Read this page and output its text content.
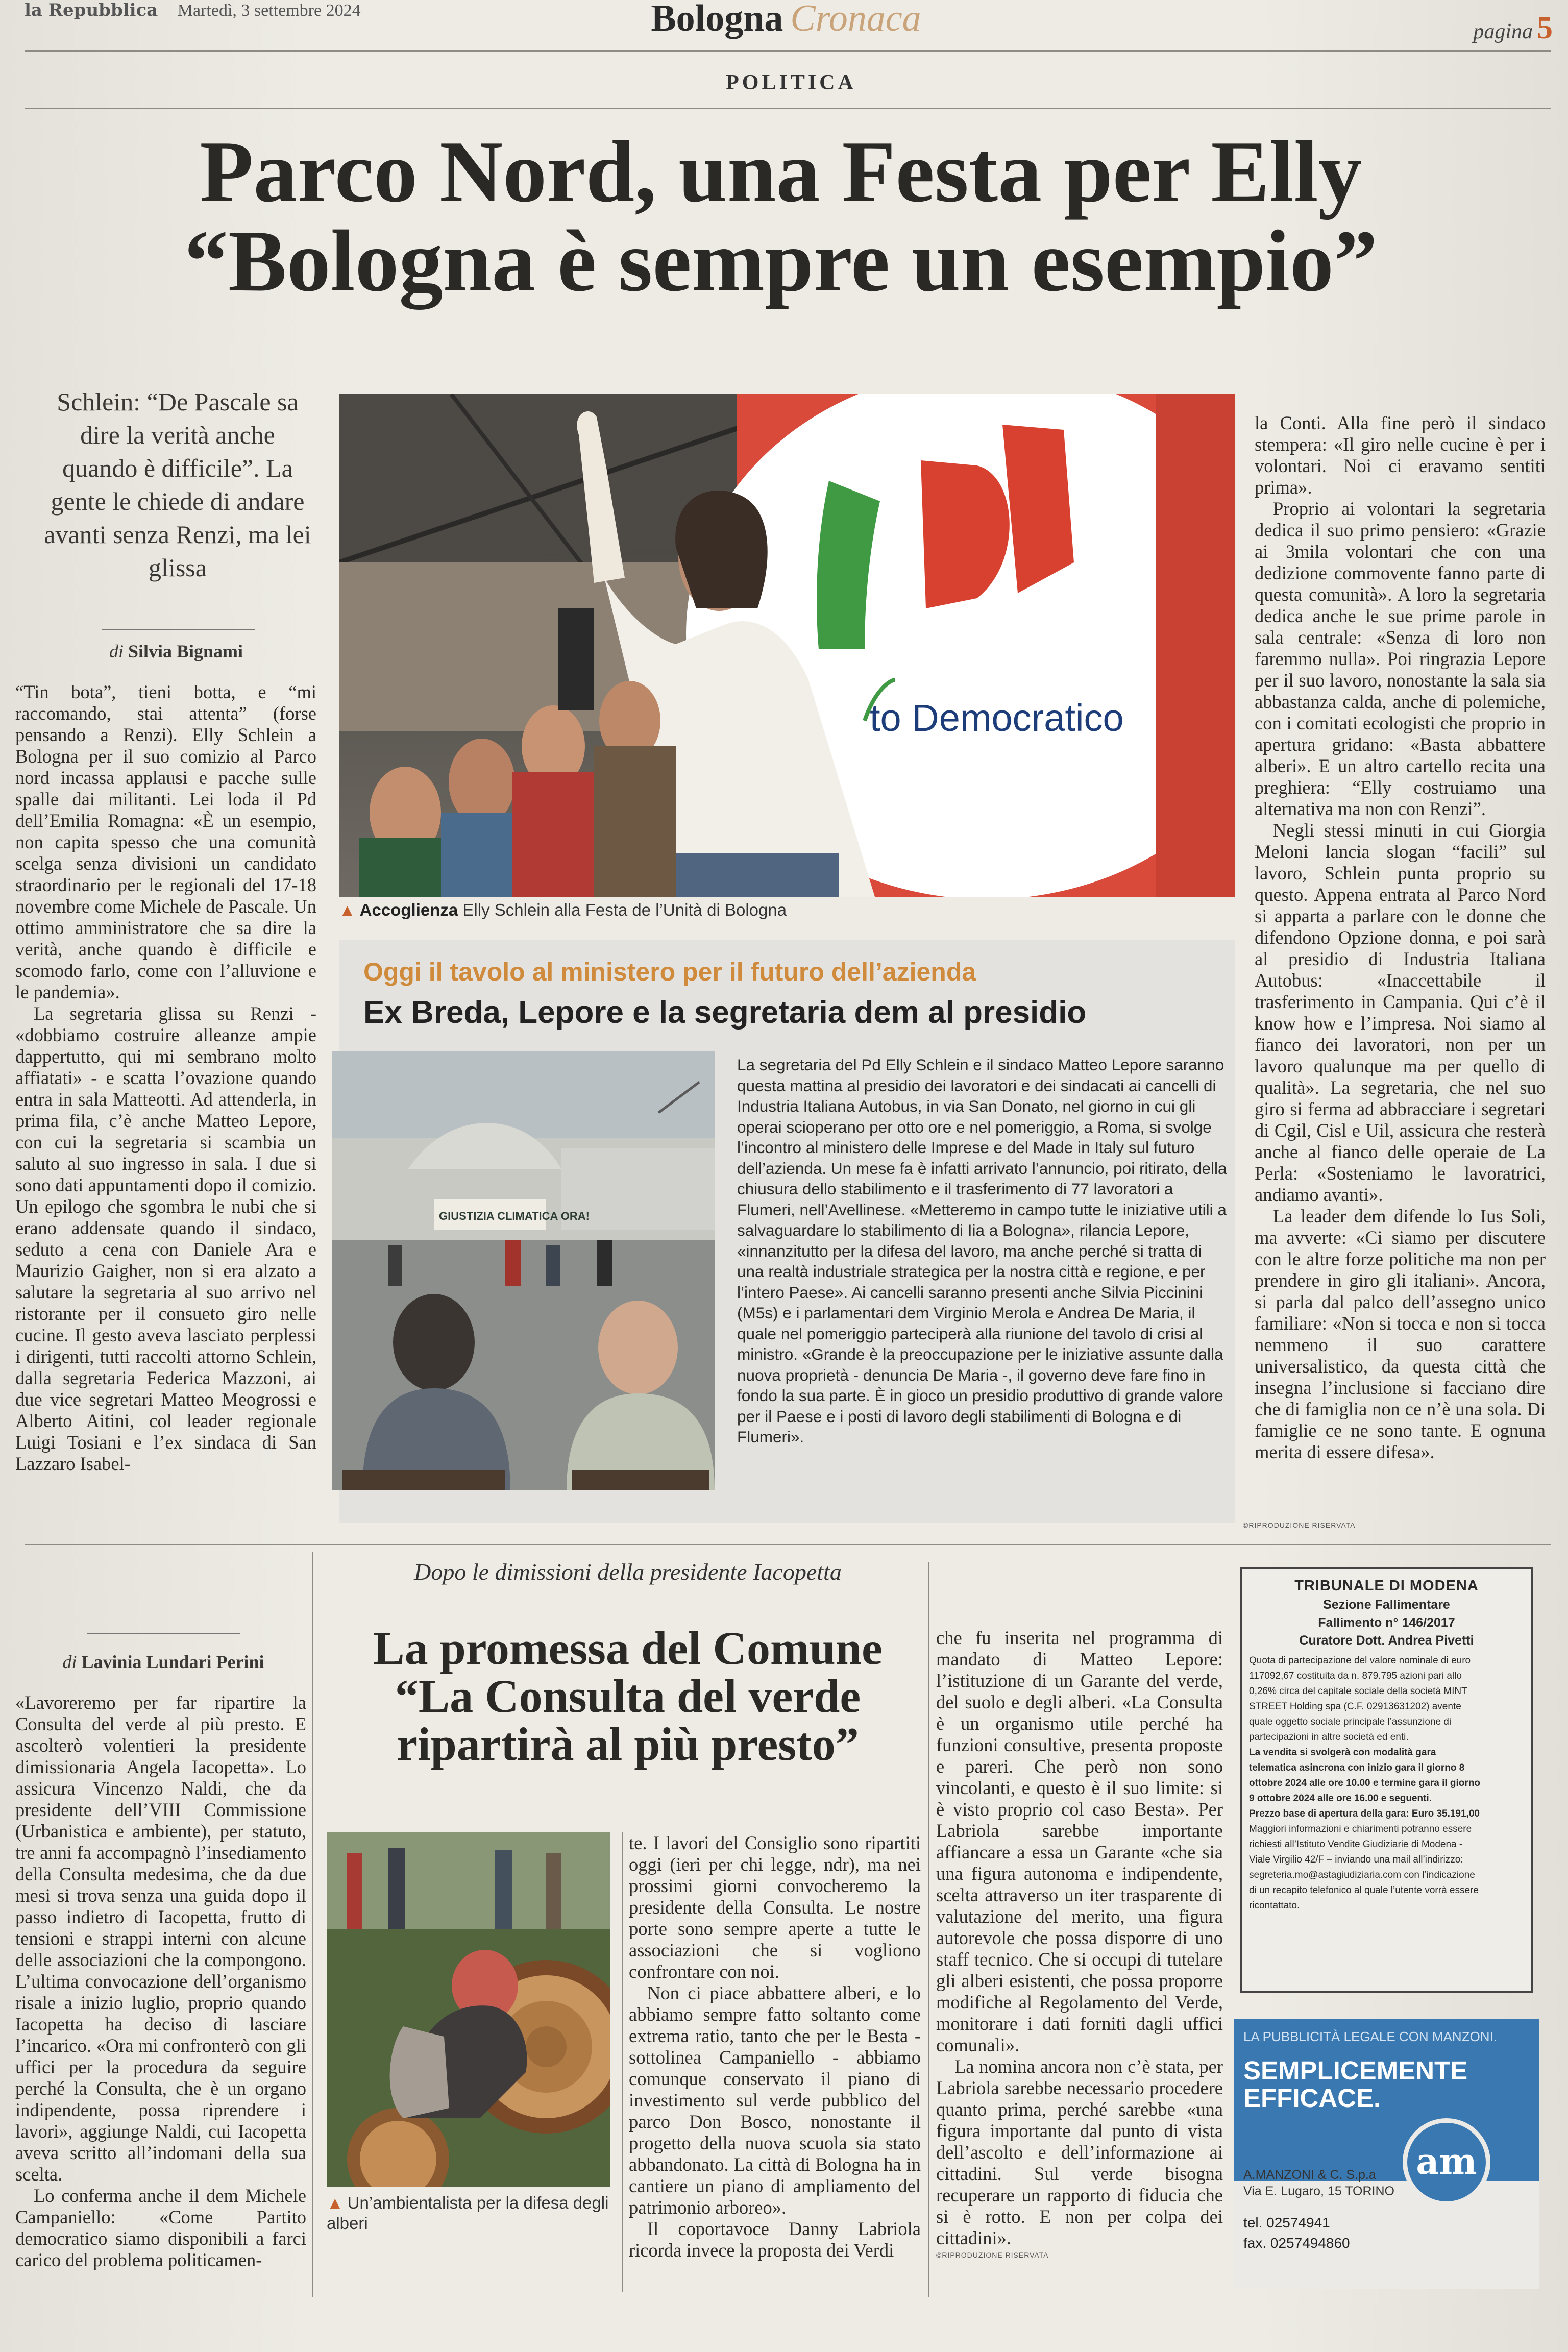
la Repubblica Martedì, 3 settembre 2024	Bologna Cronaca	pagina 5
POLITICA
Parco Nord, una Festa per Elly
“Bologna è sempre un esempio”
Schlein: “De Pascale sa dire la verità anche quando è difficile”. La gente le chiede di andare avanti senza Renzi, ma lei glissa
di Silvia Bignami

“Tin bota”, tieni botta, e “mi raccomando, stai attenta” (forse pensando a Renzi). Elly Schlein a Bologna per il suo comizio al Parco nord incassa applausi e pacche sulle spalle dai militanti. Lei loda il Pd dell’Emilia Romagna: «È un esempio, non capita spesso che una comunità scelga senza divisioni un candidato straordinario per le regionali del 17-18 novembre come Michele de Pascale. Un ottimo amministratore che sa dire la verità, anche quando è difficile e scomodo farlo, come con l’alluvione e le pandemia».

La segretaria glissa su Renzi - «dobbiamo costruire alleanze ampie dappertutto, qui mi sembrano molto affiatati» - e scatta l’ovazione quando entra in sala Matteotti. Ad attenderla, in prima fila, c’è anche Matteo Lepore, con cui la segretaria si scambia un saluto al suo ingresso in sala. I due si sono dati appuntamenti dopo il comizio. Un epilogo che sgombra le nubi che si erano addensate quando il sindaco, seduto a cena con Daniele Ara e Maurizio Gaigher, non si era alzato a salutare la segretaria al suo arrivo nel ristorante per il consueto giro nelle cucine. Il gesto aveva lasciato perplessi i dirigenti, tutti raccolti attorno Schlein, dalla segretaria Federica Mazzoni, ai due vice segretari Matteo Meogrossi e Alberto Aitini, col leader regionale Luigi Tosiani e l’ex sindaca di San Lazzaro Isabel-

to Democratico
▲ Accoglienza Elly Schlein alla Festa de l’Unità di Bologna

la Conti. Alla fine però il sindaco stempera: «Il giro nelle cucine è per i volontari. Noi ci eravamo sentiti prima».

Proprio ai volontari la segretaria dedica il suo primo pensiero: «Grazie ai 3mila volontari che con una dedizione commovente fanno parte di questa comunità». A loro la segretaria dedica anche le sue prime parole in sala centrale: «Senza di loro non faremmo nulla». Poi ringrazia Lepore per il suo lavoro, nonostante la sala sia abbastanza calda, anche di polemiche, con i comitati ecologisti che proprio in apertura gridano: «Basta abbattere alberi». E un altro cartello recita una preghiera: “Elly costruiamo una alternativa ma non con Renzi”.

Negli stessi minuti in cui Giorgia Meloni lancia slogan “facili” sul lavoro, Schlein punta proprio su questo. Appena entrata al Parco Nord si apparta a parlare con le donne che difendono Opzione donna, e poi sarà al presidio di Industria Italiana Autobus: «Inaccettabile il trasferimento in Campania. Qui c’è il know how e l’impresa. Noi siamo al fianco dei lavoratori, non per un lavoro qualunque ma per quello di qualità». La segretaria, che nel suo giro si ferma ad abbracciare i segretari di Cgil, Cisl e Uil, assicura che resterà anche al fianco delle operaie de La Perla: «Sosteniamo le lavoratrici, andiamo avanti».

La leader dem difende lo Ius Soli, ma avverte: «Ci siamo per discutere con le altre forze politiche ma non per prendere in giro gli italiani». Ancora, si parla dal palco dell’assegno unico familiare: «Non si tocca e non si tocca nemmeno il suo carattere universalistico, da questa città che insegna l’inclusione si facciano dire che di famiglia non ce n’è una sola. Di famiglie ce ne sono tante. E ognuna merita di essere difesa».

©RIPRODUZIONE RISERVATA
Oggi il tavolo al ministero per il futuro dell’azienda
Ex Breda, Lepore e la segretaria dem al presidio
GIUSTIZIA CLIMATICA ORA!
La segretaria del Pd Elly Schlein e il sindaco Matteo Lepore saranno questa mattina al presidio dei lavoratori e dei sindacati ai cancelli di Industria Italiana Autobus, in via San Donato, nel giorno in cui gli operai scioperano per otto ore e nel pomeriggio, a Roma, si svolge l’incontro al ministero delle Imprese e del Made in Italy sul futuro dell’azienda. Un mese fa è infatti arrivato l’annuncio, poi ritirato, della chiusura dello stabilimento e il trasferimento di 77 lavoratori a Flumeri, nell’Avellinese. «Metteremo in campo tutte le iniziative utili a salvaguardare lo stabilimento di Iia a Bologna», rilancia Lepore, «innanzitutto per la difesa del lavoro, ma anche perché si tratta di una realtà industriale strategica per la nostra città e regione, e per l’intero Paese». Ai cancelli saranno presenti anche Silvia Piccinini (M5s) e i parlamentari dem Virginio Merola e Andrea De Maria, il quale nel pomeriggio parteciperà alla riunione del tavolo di crisi al ministro. «Grande è la preoccupazione per le iniziative assunte dalla nuova proprietà - denuncia De Maria -, il governo deve fare fino in fondo la sua parte. È in gioco un presidio produttivo di grande valore per il Paese e i posti di lavoro degli stabilimenti di Bologna e di Flumeri».
Dopo le dimissioni della presidente Iacopetta
di Lavinia Lundari Perini

«Lavoreremo per far ripartire la Consulta del verde al più presto. E ascolterò volentieri la presidente dimissionaria Angela Iacopetta». Lo assicura Vincenzo Naldi, che da presidente dell’VIII Commissione (Urbanistica e ambiente), per statuto, tre anni fa accompagnò l’insediamento della Consulta medesima, che da due mesi si trova senza una guida dopo il passo indietro di Iacopetta, frutto di tensioni e strappi interni con alcune delle associazioni che la compongono. L’ultima convocazione dell’organismo risale a inizio luglio, proprio quando Iacopetta ha deciso di lasciare l’incarico. «Ora mi confronterò con gli uffici per la procedura da seguire perché la Consulta, che è un organo indipendente, possa riprendere i lavori», aggiunge Naldi, cui Iacopetta aveva scritto all’indomani della sua scelta.

Lo conferma anche il dem Michele Campaniello: «Come Partito democratico siamo disponibili a farci carico del problema politicamen-

La promessa del Comune
“La Consulta del verde
ripartirà al più presto”
▲ Un’ambientalista per la difesa degli alberi

te. I lavori del Consiglio sono ripartiti oggi (ieri per chi legge, ndr), ma nei prossimi giorni convocheremo la presidente della Consulta. Le nostre porte sono sempre aperte a tutte le associazioni che si vogliono confrontare con noi.

Non ci piace abbattere alberi, e lo abbiamo sempre fatto soltanto come extrema ratio, tanto che per le Besta - sottolinea Campaniello - abbiamo comunque conservato il piano di investimento sul verde pubblico del parco Don Bosco, nonostante il progetto della nuova scuola sia stato abbandonato. La città di Bologna ha in cantiere un piano di ampliamento del patrimonio arboreo».

Il coportavoce Danny Labriola ricorda invece la proposta dei Verdi

che fu inserita nel programma di mandato di Matteo Lepore: l’istituzione di un Garante del verde, del suolo e degli alberi. «La Consulta è un organismo utile perché ha funzioni consultive, presenta proposte e pareri. Che però non sono vincolanti, e questo è il suo limite: si è visto proprio col caso Besta». Per Labriola sarebbe importante affiancare a essa un Garante «che sia una figura autonoma e indipendente, scelta attraverso un iter trasparente di valutazione del merito, una figura autorevole che possa disporre di uno staff tecnico. Che si occupi di tutelare gli alberi esistenti, che possa proporre modifiche al Regolamento del Verde, monitorare i dati forniti dagli uffici comunali».

La nomina ancora non c’è stata, per Labriola sarebbe necessario procedere quanto prima, perché sarebbe «una figura importante dal punto di vista dell’ascolto e dell’informazione ai cittadini. Sul verde bisogna recuperare un rapporto di fiducia che si è rotto. E non per colpa dei cittadini».

©RIPRODUZIONE RISERVATA
TRIBUNALE DI MODENA
Sezione Fallimentare
Fallimento n° 146/2017
Curatore Dott. Andrea Pivetti
Quota di partecipazione del valore nominale di euro
117092,67 costituita da n. 879.795 azioni pari allo
0,26% circa del capitale sociale della società MINT
STREET Holding spa (C.F. 02913631202) avente
quale oggetto sociale principale l’assunzione di
partecipazioni in altre società ed enti.
La vendita si svolgerà con modalità gara
telematica asincrona con inizio gara il giorno 8
ottobre 2024 alle ore 10.00 e termine gara il giorno
9 ottobre 2024 alle ore 16.00 e seguenti.
Prezzo base di apertura della gara: Euro 35.191,00
Maggiori informazioni e chiarimenti potranno essere
richiesti all’Istituto Vendite Giudiziarie di Modena -
Viale Virgilio 42/F – inviando una mail all’indirizzo:
segreteria.mo@astagiudiziaria.com con l’indicazione
di un recapito telefonico al quale l’utente vorrà essere
ricontattato.
LA PUBBLICITÀ LEGALE CON MANZONI.
SEMPLICEMENTE
EFFICACE.
am
A.MANZONI & C. S.p.a
Via E. Lugaro, 15 TORINO
tel. 02574941
fax. 0257494860
